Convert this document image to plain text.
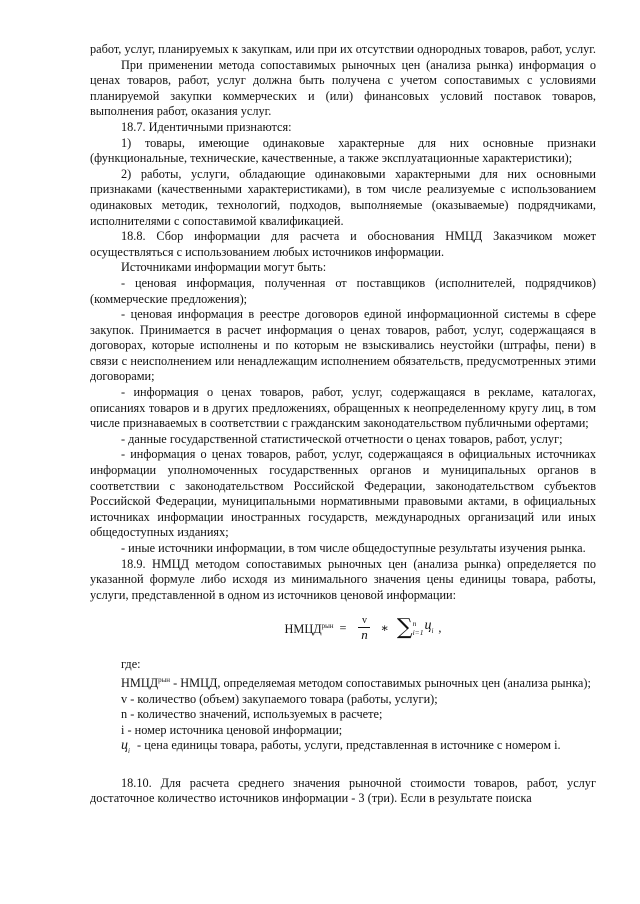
работ, услуг, планируемых к закупкам, или при их отсутствии однородных товаров, работ, услуг.

При применении метода сопоставимых рыночных цен (анализа рынка) информация о ценах товаров, работ, услуг должна быть получена с учетом сопоставимых с условиями планируемой закупки коммерческих и (или) финансовых условий поставок товаров, выполнения работ, оказания услуг.

18.7. Идентичными признаются:

1) товары, имеющие одинаковые характерные для них основные признаки (функциональные, технические, качественные, а также эксплуатационные характеристики);

2) работы, услуги, обладающие одинаковыми характерными для них основными признаками (качественными характеристиками), в том числе реализуемые с использованием одинаковых методик, технологий, подходов, выполняемые (оказываемые) подрядчиками, исполнителями с сопоставимой квалификацией.

18.8. Сбор информации для расчета и обоснования НМЦД Заказчиком может осуществляться с использованием любых источников информации.

Источниками информации могут быть:

- ценовая информация, полученная от поставщиков (исполнителей, подрядчиков) (коммерческие предложения);

- ценовая информация в реестре договоров единой информационной системы в сфере закупок. Принимается в расчет информация о ценах товаров, работ, услуг, содержащаяся в договорах, которые исполнены и по которым не взыскивались неустойки (штрафы, пени) в связи с неисполнением или ненадлежащим исполнением обязательств, предусмотренных этими договорами;

- информация о ценах товаров, работ, услуг, содержащаяся в рекламе, каталогах, описаниях товаров и в других предложениях, обращенных к неопределенному кругу лиц, в том числе признаваемых в соответствии с гражданским законодательством публичными офертами;

- данные государственной статистической отчетности о ценах товаров, работ, услуг;

- информация о ценах товаров, работ, услуг, содержащаяся в официальных источниках информации уполномоченных государственных органов и муниципальных органов в соответствии с законодательством Российской Федерации, законодательством субъектов Российской Федерации, муниципальными нормативными правовыми актами, в официальных источниках информации иностранных государств, международных организаций или иных общедоступных изданиях;

- иные источники информации, в том числе общедоступные результаты изучения рынка.

18.9. НМЦД методом сопоставимых рыночных цен (анализа рынка) определяется по указанной формуле либо исходя из минимального значения цены единицы товара, работы, услуги, представленной в одном из источников ценовой информации:

$НМЦД^{рын} = \frac{v}{n}$ ∗ ∑ n
i=1
$ц_i$ ,

где:

$НМЦД^{рын}$ - НМЦД, определяемая методом сопоставимых рыночных цен (анализа рынка);

v - количество (объем) закупаемого товара (работы, услуги);

n - количество значений, используемых в расчете;

i - номер источника ценовой информации;

$ц_i$ - цена единицы товара, работы, услуги, представленная в источнике с номером i.

18.10. Для расчета среднего значения рыночной стоимости товаров, работ, услуг достаточное количество источников информации - 3 (три). Если в результате поиска
